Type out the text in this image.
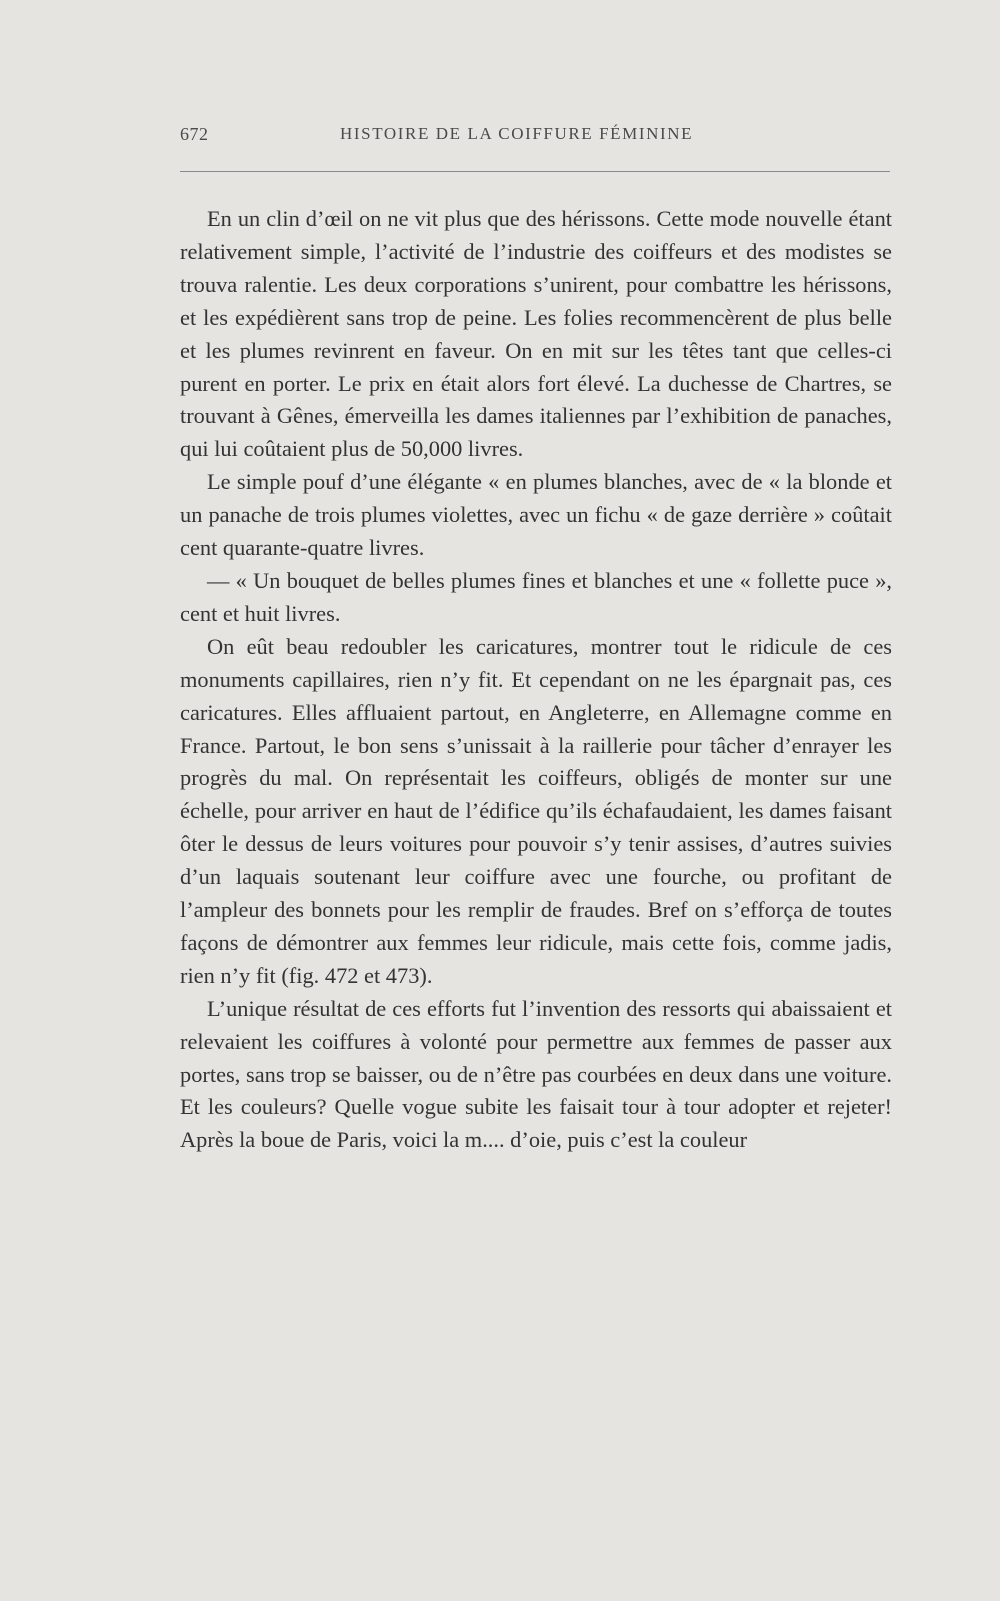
672	HISTOIRE DE LA COIFFURE FÉMININE

En un clin d’œil on ne vit plus que des hérissons. Cette mode nouvelle étant relativement simple, l’activité de l’industrie des coiffeurs et des modistes se trouva ralentie. Les deux corporations s’unirent, pour combattre les hérissons, et les expédièrent sans trop de peine. Les folies recommencèrent de plus belle et les plumes revinrent en faveur. On en mit sur les têtes tant que celles-ci purent en porter. Le prix en était alors fort élevé. La duchesse de Chartres, se trouvant à Gênes, émerveilla les dames italiennes par l’exhibition de panaches, qui lui coûtaient plus de 50,000 livres.

Le simple pouf d’une élégante « en plumes blanches, avec de « la blonde et un panache de trois plumes violettes, avec un fichu « de gaze derrière » coûtait cent quarante-quatre livres.

— « Un bouquet de belles plumes fines et blanches et une « follette puce », cent et huit livres.

On eût beau redoubler les caricatures, montrer tout le ridicule de ces monuments capillaires, rien n’y fit. Et cependant on ne les épargnait pas, ces caricatures. Elles affluaient partout, en Angleterre, en Allemagne comme en France. Partout, le bon sens s’unissait à la raillerie pour tâcher d’enrayer les progrès du mal. On représentait les coiffeurs, obligés de monter sur une échelle, pour arriver en haut de l’édifice qu’ils échafaudaient, les dames faisant ôter le dessus de leurs voitures pour pouvoir s’y tenir assises, d’autres suivies d’un laquais soutenant leur coiffure avec une fourche, ou profitant de l’ampleur des bonnets pour les remplir de fraudes. Bref on s’efforça de toutes façons de démontrer aux femmes leur ridicule, mais cette fois, comme jadis, rien n’y fit (fig. 472 et 473).

L’unique résultat de ces efforts fut l’invention des ressorts qui abaissaient et relevaient les coiffures à volonté pour permettre aux femmes de passer aux portes, sans trop se baisser, ou de n’être pas courbées en deux dans une voiture. Et les couleurs? Quelle vogue subite les faisait tour à tour adopter et rejeter! Après la boue de Paris, voici la m.... d’oie, puis c’est la couleur
